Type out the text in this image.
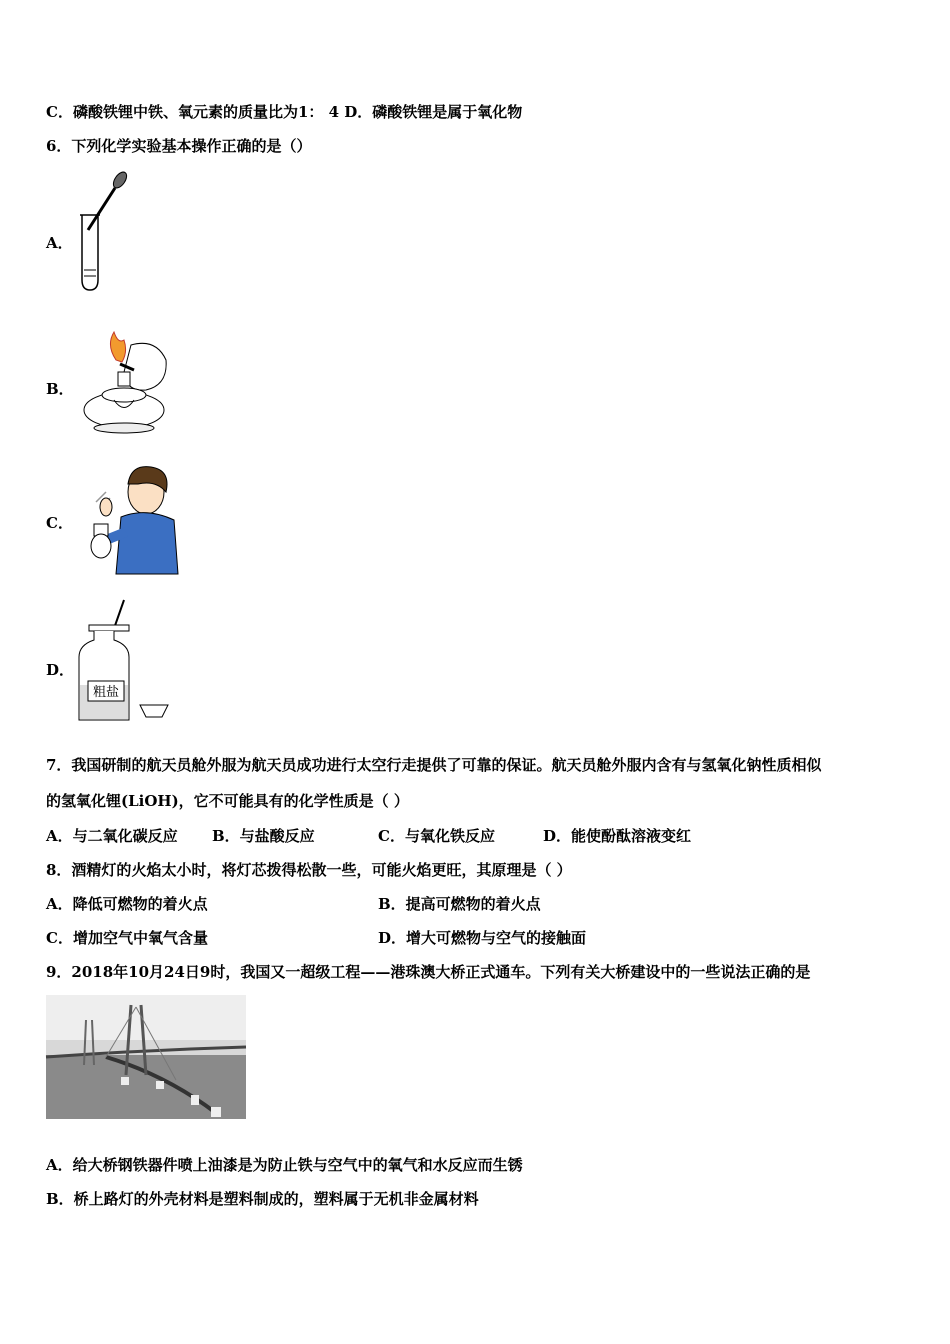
C．磷酸铁锂中铁、氧元素的质量比为1： 4 D．磷酸铁锂是属于氧化物
6．下列化学实验基本操作正确的是（）
A．
B．
C．
D．
粗盐
7．我国研制的航天员舱外服为航天员成功进行太空行走提供了可靠的保证。航天员舱外服内含有与氢氧化钠性质相似
的氢氧化锂(LiOH)，它不可能具有的化学性质是（ ）
A．与二氧化碳反应 B．与盐酸反应	C．与氧化铁反应	D．能使酚酞溶液变红
8．酒精灯的火焰太小时，将灯芯拨得松散一些，可能火焰更旺，其原理是（ ）
A．降低可燃物的着火点	B．提高可燃物的着火点
C．增加空气中氧气含量	D．增大可燃物与空气的接触面
9．2018年10月24日9时，我国又一超级工程——港珠澳大桥正式通车。下列有关大桥建设中的一些说法正确的是
A．给大桥钢铁器件喷上油漆是为防止铁与空气中的氧气和水反应而生锈
B．桥上路灯的外壳材料是塑料制成的，塑料属于无机非金属材料
